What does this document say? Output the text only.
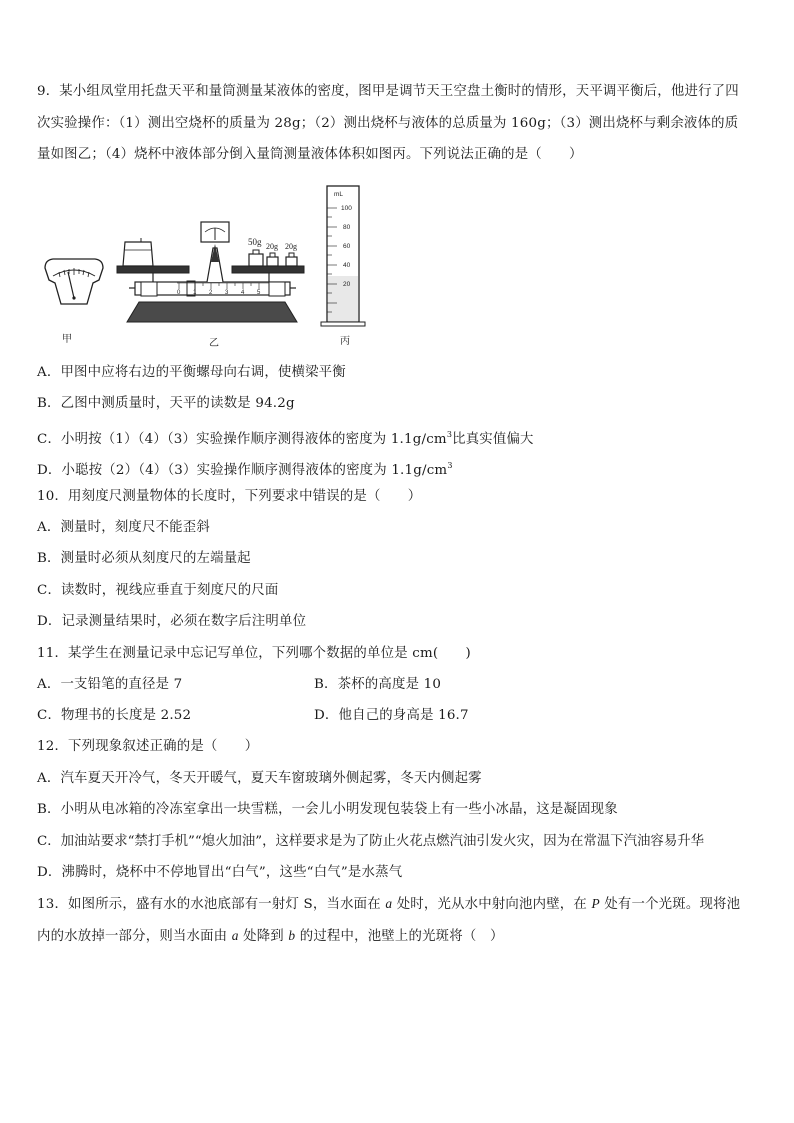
9．某小组凤堂用托盘天平和量筒测量某液体的密度，图甲是调节天王空盘土衡时的情形，天平调平衡后，他进行了四
次实验操作：（1）测出空烧杯的质量为 28g；（2）测出烧杯与液体的总质量为 160g；（3）测出烧杯与剩余液体的质
量如图乙；（4）烧杯中液体部分倒入量筒测量液体体积如图丙。下列说法正确的是（　　）
50g 20g 20g
0 1 2 3 4 5
mL
100
80
60
40
20
甲	乙	丙
A．甲图中应将右边的平衡螺母向右调，使横梁平衡
B．乙图中测质量时，天平的读数是 94.2g
C．小明按（1）（4）（3）实验操作顺序测得液体的密度为 $1.1g/cm^3$比真实值偏大
D．小聪按（2）（4）（3）实验操作顺序测得液体的密度为 $1.1g/cm^3$
10．用刻度尺测量物体的长度时，下列要求中错误的是（　　）
A．测量时，刻度尺不能歪斜
B．测量时必须从刻度尺的左端量起
C．读数时，视线应垂直于刻度尺的尺面
D．记录测量结果时，必须在数字后注明单位
11．某学生在测量记录中忘记写单位，下列哪个数据的单位是 cm(　　)
A．一支铅笔的直径是 7	B．茶杯的高度是 10
C．物理书的长度是 2.52	D．他自己的身高是 16.7
12．下列现象叙述正确的是（　　）
A．汽车夏天开冷气，冬天开暖气，夏天车窗玻璃外侧起雾，冬天内侧起雾
B．小明从电冰箱的冷冻室拿出一块雪糕，一会儿小明发现包装袋上有一些小冰晶，这是凝固现象
C．加油站要求“禁打手机”“熄火加油”，这样要求是为了防止火花点燃汽油引发火灾，因为在常温下汽油容易升华
D．沸腾时，烧杯中不停地冒出“白气”，这些“白气”是水蒸气
13．如图所示，盛有水的水池底部有一射灯 S，当水面在 a 处时，光从水中射向池内壁，在 P 处有一个光斑。现将池
内的水放掉一部分，则当水面由 a 处降到 b 的过程中，池壁上的光斑将（　）
